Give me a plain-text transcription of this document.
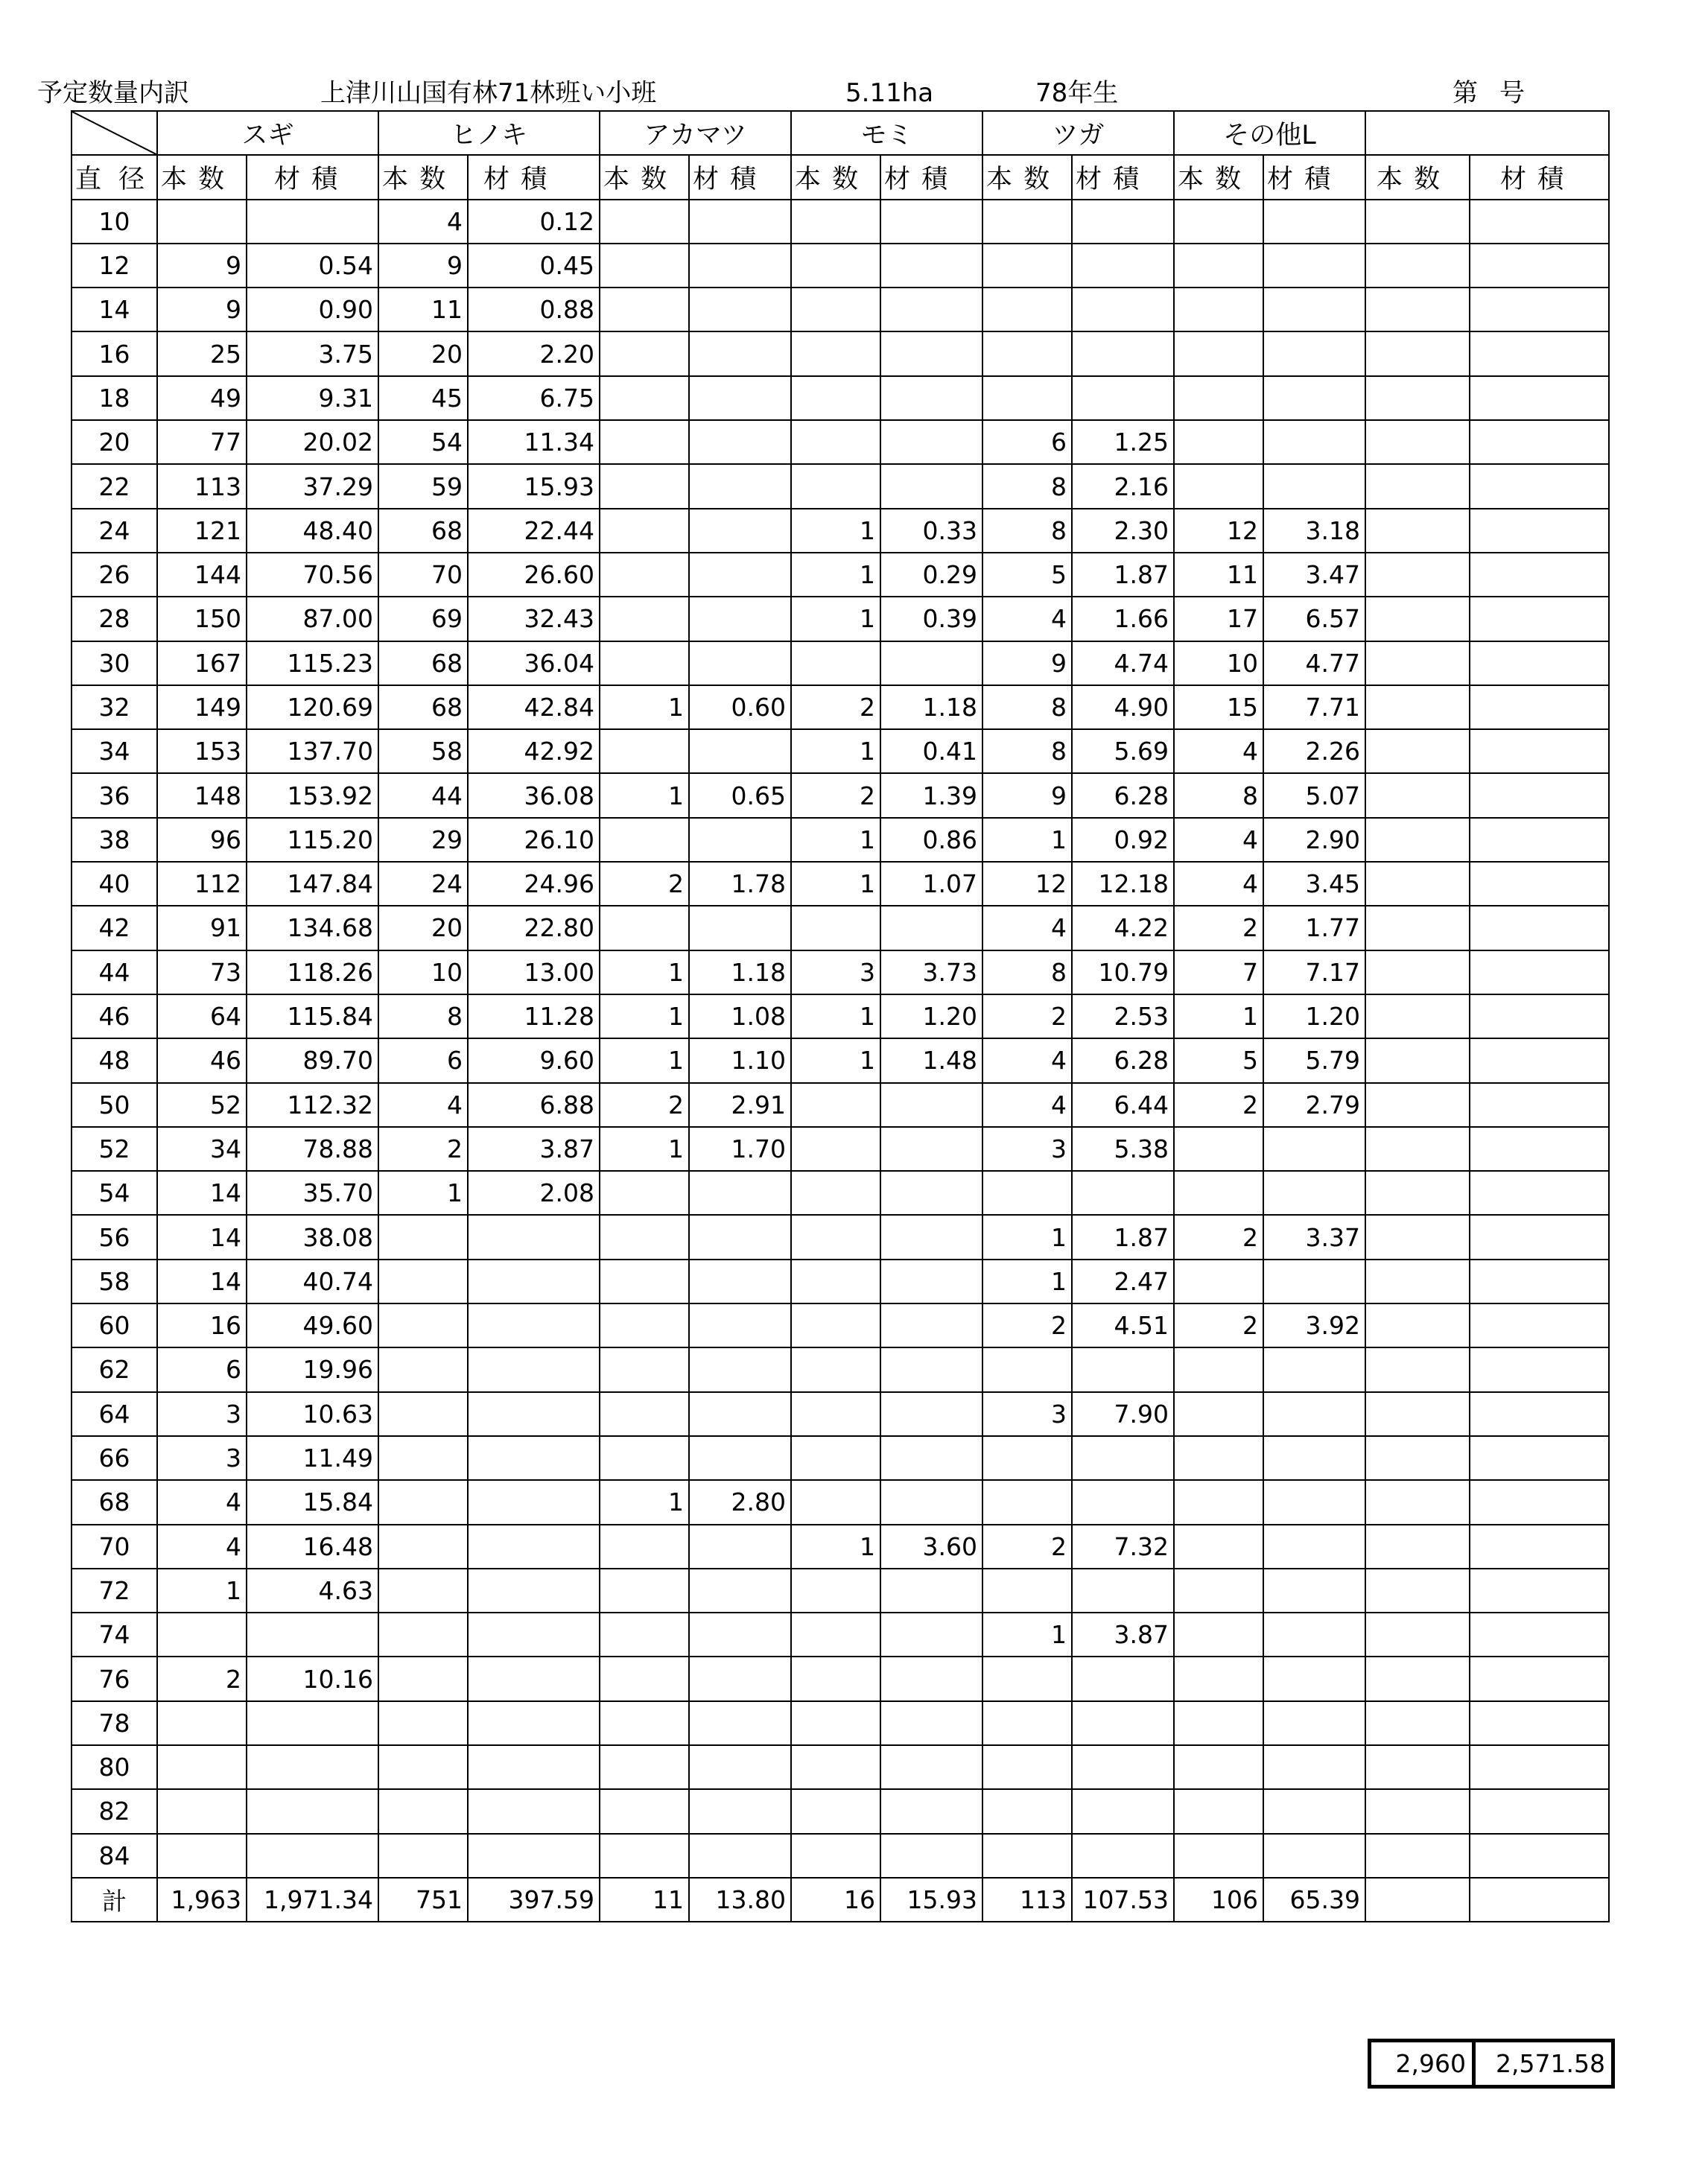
予定数量内訳	上津川山国有林71林班い小班	5.11ha	78年生	第 号
	スギ		ヒノキ		アカマツ		モミ		ツガ		その他L			
直 径	本 数	材 積	本 数	材 積	本 数	材 積	本 数	材 積	本 数	材 積	本 数	材 積	本 数	材 積
10			4	0.12										
12	9	0.54	9	0.45										
14	9	0.90	11	0.88										
16	25	3.75	20	2.20										
18	49	9.31	45	6.75										
20	77	20.02	54	11.34					6	1.25				
22	113	37.29	59	15.93					8	2.16				
24	121	48.40	68	22.44			1	0.33	8	2.30	12	3.18		
26	144	70.56	70	26.60			1	0.29	5	1.87	11	3.47		
28	150	87.00	69	32.43			1	0.39	4	1.66	17	6.57		
30	167	115.23	68	36.04					9	4.74	10	4.77		
32	149	120.69	68	42.84	1	0.60	2	1.18	8	4.90	15	7.71		
34	153	137.70	58	42.92			1	0.41	8	5.69	4	2.26		
36	148	153.92	44	36.08	1	0.65	2	1.39	9	6.28	8	5.07		
38	96	115.20	29	26.10			1	0.86	1	0.92	4	2.90		
40	112	147.84	24	24.96	2	1.78	1	1.07	12	12.18	4	3.45		
42	91	134.68	20	22.80					4	4.22	2	1.77		
44	73	118.26	10	13.00	1	1.18	3	3.73	8	10.79	7	7.17		
46	64	115.84	8	11.28	1	1.08	1	1.20	2	2.53	1	1.20		
48	46	89.70	6	9.60	1	1.10	1	1.48	4	6.28	5	5.79		
50	52	112.32	4	6.88	2	2.91			4	6.44	2	2.79		
52	34	78.88	2	3.87	1	1.70			3	5.38				
54	14	35.70	1	2.08										
56	14	38.08							1	1.87	2	3.37		
58	14	40.74							1	2.47				
60	16	49.60							2	4.51	2	3.92		
62	6	19.96												
64	3	10.63							3	7.90				
66	3	11.49												
68	4	15.84			1	2.80								
70	4	16.48					1	3.60	2	7.32				
72	1	4.63												
74									1	3.87				
76	2	10.16												
78														
80														
82														
84														
計	1,963	1,971.34	751	397.59	11	13.80	16	15.93	113	107.53	106	65.39		
2,960	2,571.58
